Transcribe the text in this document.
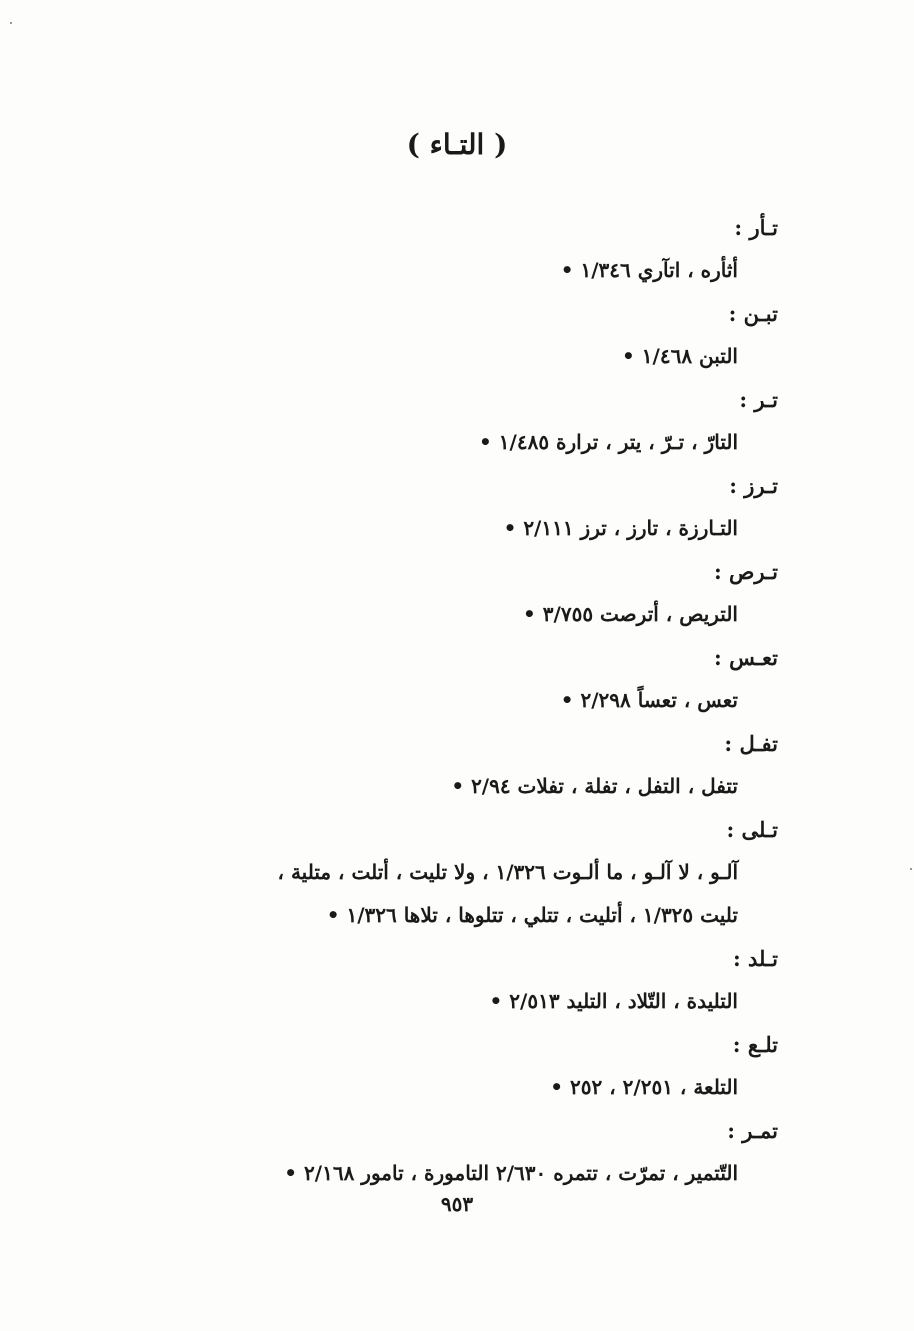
( التـاء )
تـأر :
أثأره ، اتآري ١/٣٤٦ •
تبـن :
التبن ١/٤٦٨ •
تـر :
التارّ ، تـرّ ، يتر ، ترارة ١/٤٨٥ •
تـرز :
التـارزة ، تارز ، ترز ٢/١١١ •
تـرص :
التريص ، أترصت ٣/٧٥٥ •
تعـس :
تعس ، تعساً ٢/٢٩٨ •
تفـل :
تتفل ، التفل ، تفلة ، تفلات ٢/٩٤ •
تـلى :
آلـو ، لا آلـو ، ما ألـوت ١/٣٢٦ ، ولا تليت ، أتلت ، متلية ،
تليت ١/٣٢٥ ، أتليت ، تتلي ، تتلوها ، تلاها ١/٣٢٦ •
تـلد :
التليدة ، التّلاد ، التليد ٢/٥١٣ •
تلـع :
التلعة ، ٢/٢٥١ ، ٢٥٢ •
تمـر :
التّتمير ، تمرّت ، تتمره ٢/٦٣٠ التامورة ، تامور ٢/١٦٨ •
٩٥٣
